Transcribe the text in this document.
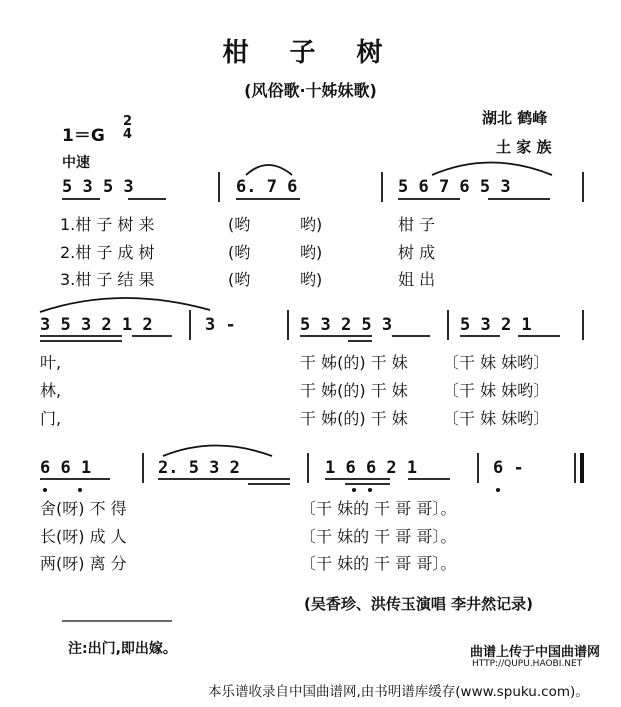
柑 子 树
(风俗歌·十姊妹歌)
湖北 鹤峰
土 家 族
1＝G
2
4
中速
5 3 5 3	6. 7 6	5 6 7 6 5 3
1.柑 子 树 来	(哟	哟)	柑 子
2.柑 子 成 树	(哟	哟)	树 成
3.柑 子 结 果	(哟	哟)	姐 出
3 5 3 2 1 2	3 -	5 3 2 5 3	5 3 2 1
叶,	干 姊(的) 干 妹 〔干 妹 妹哟〕
林,	干 姊(的) 干 妹 〔干 妹 妹哟〕
门,	干 姊(的) 干 妹 〔干 妹 妹哟〕
6 6 1	2. 5 3 2	1 6 6 2 1	6 -
舍(呀) 不 得	〔干 妹的 干 哥 哥〕。
长(呀) 成 人	〔干 妹的 干 哥 哥〕。
两(呀) 离 分	〔干 妹的 干 哥 哥〕。
(吴香珍、洪传玉演唱 李井然记录)
注:出门,即出嫁。	曲谱上传于中国曲谱网
HTTP://QUPU.HAOBI.NET
本乐谱收录自中国曲谱网,由书明谱库缓存(www.spuku.com)。
